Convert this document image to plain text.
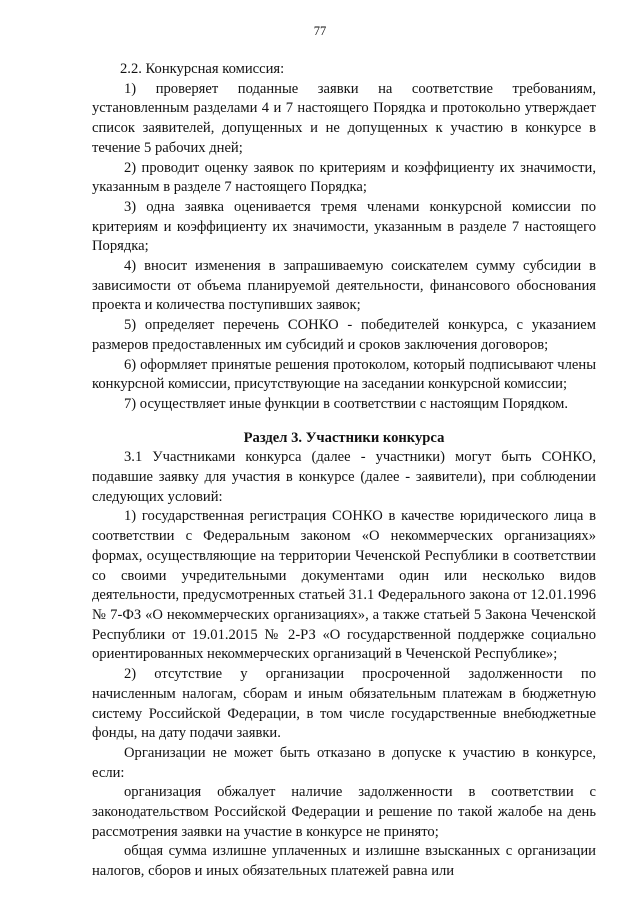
77

2.2. Конкурсная комиссия:

1) проверяет поданные заявки на соответствие требованиям, установленным разделами 4 и 7 настоящего Порядка и протокольно утверждает список заявителей, допущенных и не допущенных к участию в конкурсе в течение 5 рабочих дней;

2) проводит оценку заявок по критериям и коэффициенту их значимости, указанным в разделе 7 настоящего Порядка;

3) одна заявка оценивается тремя членами конкурсной комиссии по критериям и коэффициенту их значимости, указанным в разделе 7 настоящего Порядка;

4) вносит изменения в запрашиваемую соискателем сумму субсидии в зависимости от объема планируемой деятельности, финансового обоснования проекта и количества поступивших заявок;

5) определяет перечень СОНКО - победителей конкурса, с указанием размеров предоставленных им субсидий и сроков заключения договоров;

6) оформляет принятые решения протоколом, который подписывают члены конкурсной комиссии, присутствующие на заседании конкурсной комиссии;

7) осуществляет иные функции в соответствии с настоящим Порядком.

Раздел 3. Участники конкурса

3.1 Участниками конкурса (далее - участники) могут быть СОНКО, подавшие заявку для участия в конкурсе (далее - заявители), при соблюдении следующих условий:

1) государственная регистрация СОНКО в качестве юридического лица в соответствии с Федеральным законом «О некоммерческих организациях» формах, осуществляющие на территории Чеченской Республики в соответствии со своими учредительными документами один или несколько видов деятельности, предусмотренных статьей 31.1 Федерального закона от 12.01.1996 № 7-ФЗ «О некоммерческих организациях», а также статьей 5 Закона Чеченской Республики от 19.01.2015 № 2-РЗ «О государственной поддержке социально ориентированных некоммерческих организаций в Чеченской Республике»;

2) отсутствие у организации просроченной задолженности по начисленным налогам, сборам и иным обязательным платежам в бюджетную систему Российской Федерации, в том числе государственные внебюджетные фонды, на дату подачи заявки.

Организации не может быть отказано в допуске к участию в конкурсе, если:

организация обжалует наличие задолженности в соответствии с законодательством Российской Федерации и решение по такой жалобе на день рассмотрения заявки на участие в конкурсе не принято;

общая сумма излишне уплаченных и излишне взысканных с организации налогов, сборов и иных обязательных платежей равна или
